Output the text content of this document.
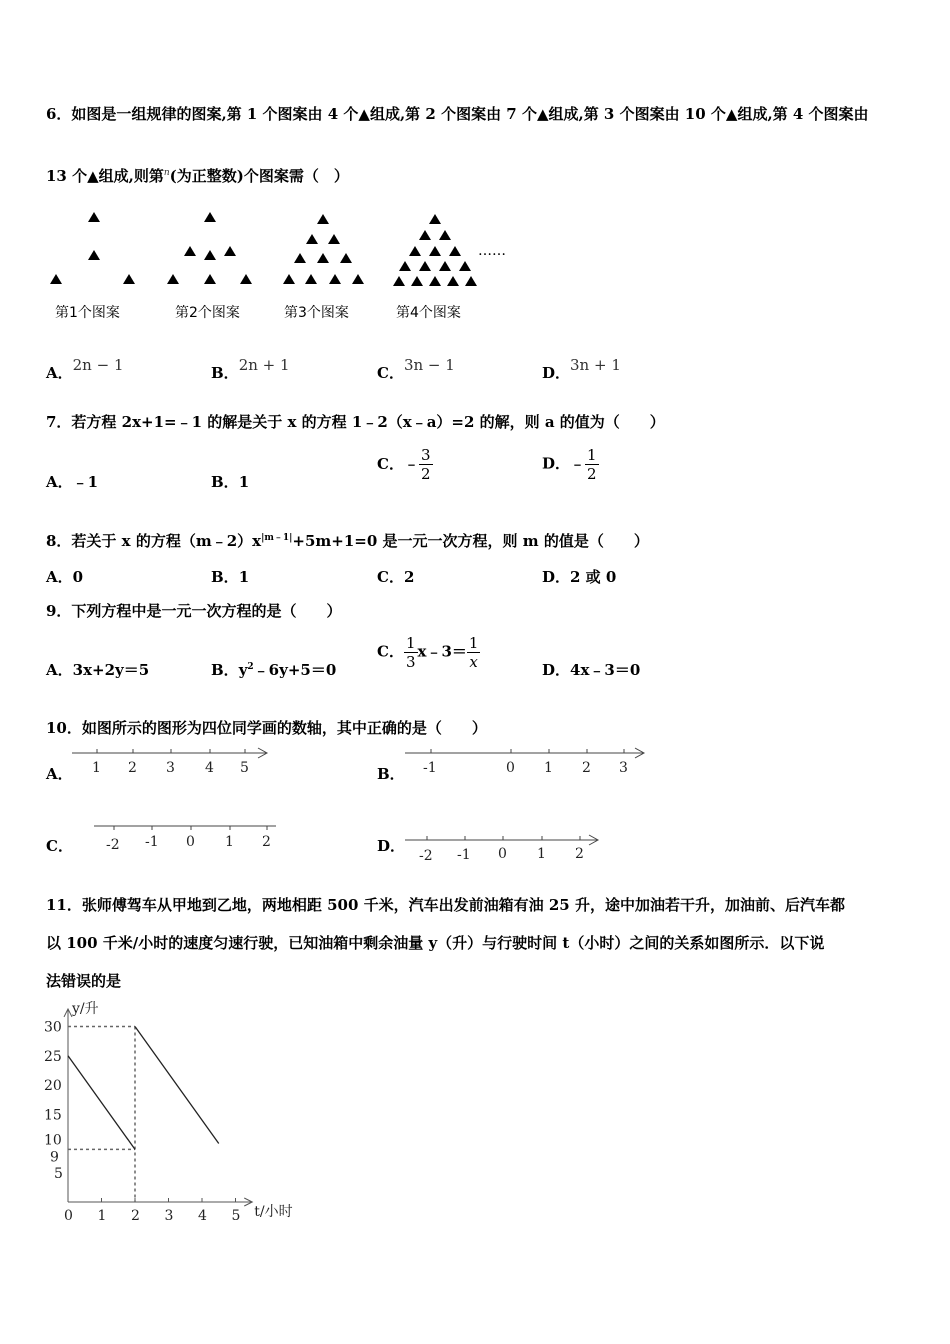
6．如图是一组规律的图案,第 1 个图案由 4 个▲组成,第 2 个图案由 7 个▲组成,第 3 个图案由 10 个▲组成,第 4 个图案由
13 个▲组成,则第$^n$(为正整数)个图案需（　）
……
第1个图案	第2个图案	第3个图案	第4个图案
A．2n − 1	B．2n + 1	C．3n − 1	D．3n + 1
7．若方程 2x+1=﹣1 的解是关于 x 的方程 1﹣2（x﹣a）=2 的解，则 a 的值为（　　）
A．﹣1	B．1
C．﹣ $\frac{3}{2}$	D．﹣ $\frac{1}{2}$
8．若关于 x 的方程$(m﹣2)x^{|m﹣1|}+5m+1=0$ 是一元一次方程，则 m 的值是（　　）
A．0	B．1	C．2	D．2 或 0
9．下列方程中是一元一次方程的是（　　）
A．3x+2y＝5	B．$y^2﹣6y+5=0$
C． $\frac{1}{3}$ x﹣3＝ $\frac{1}{x}$	D．4x﹣3＝0
10．如图所示的图形为四位同学画的数轴，其中正确的是（　　）
A．	B．
C．	D．
1 2 3 4 5	-1	0 1 2 3
-2 -1 0 1 2
-2 -1 0 1 2
11．张师傅驾车从甲地到乙地，两地相距 500 千米，汽车出发前油箱有油 25 升，途中加油若干升，加油前、后汽车都
以 100 千米/小时的速度匀速行驶，已知油箱中剩余油量 y（升）与行驶时间 t（小时）之间的关系如图所示．以下说
法错误的是
t/小时
y/升
0 1 2 3 4 5
5
9
10
15
20
25
30
